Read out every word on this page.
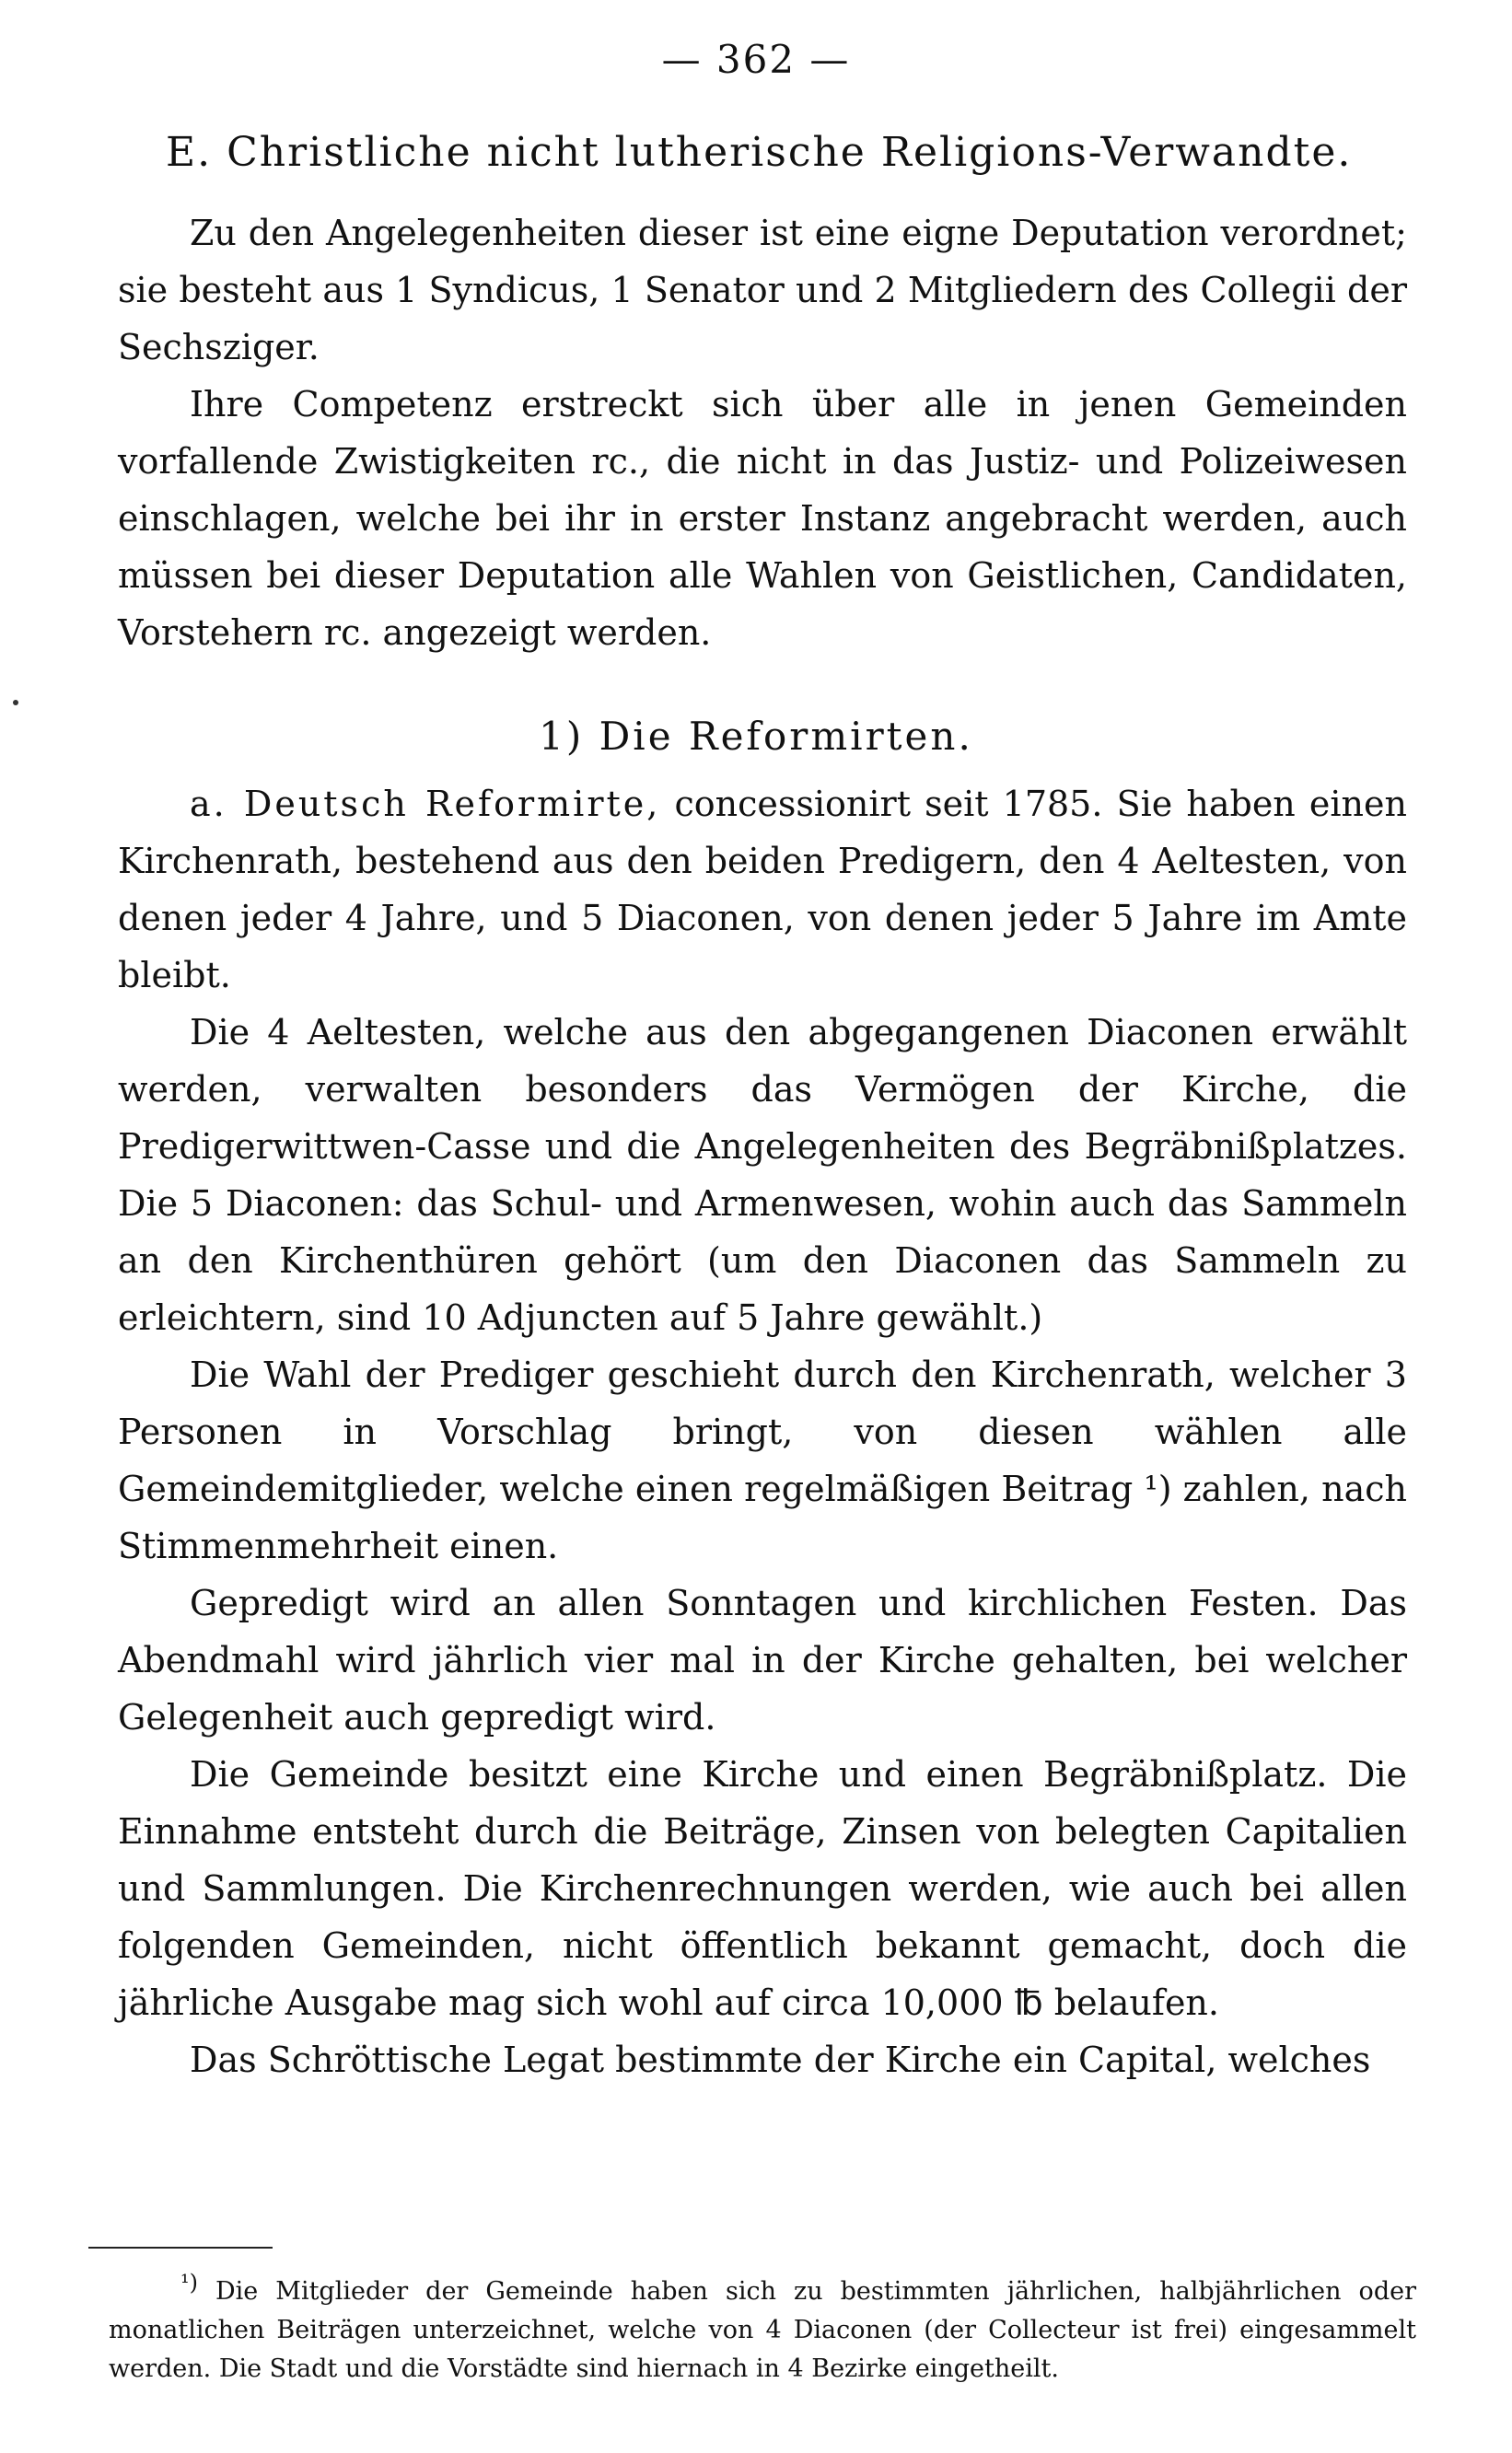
— 362 —
E. Christliche nicht lutherische Religions-Verwandte.

Zu den Angelegenheiten dieser ist eine eigne Deputation verordnet; sie besteht aus 1 Syndicus, 1 Senator und 2 Mitgliedern des Collegii der Sechsziger.

Ihre Competenz erstreckt sich über alle in jenen Gemeinden vorfallende Zwistigkeiten rc., die nicht in das Justiz- und Polizeiwesen einschlagen, welche bei ihr in erster Instanz angebracht werden, auch müssen bei dieser Deputation alle Wahlen von Geistlichen, Candidaten, Vorstehern rc. angezeigt werden.

1) Die Reformirten.

a. Deutsch Reformirte, concessionirt seit 1785. Sie haben einen Kirchenrath, bestehend aus den beiden Predigern, den 4 Aeltesten, von denen jeder 4 Jahre, und 5 Diaconen, von denen jeder 5 Jahre im Amte bleibt.

Die 4 Aeltesten, welche aus den abgegangenen Diaconen erwählt werden, verwalten besonders das Vermögen der Kirche, die Predigerwittwen-Casse und die Angelegenheiten des Begräbnißplatzes. Die 5 Diaconen: das Schul- und Armenwesen, wohin auch das Sammeln an den Kirchenthüren gehört (um den Diaconen das Sammeln zu erleichtern, sind 10 Adjuncten auf 5 Jahre gewählt.)

Die Wahl der Prediger geschieht durch den Kirchenrath, welcher 3 Personen in Vorschlag bringt, von diesen wählen alle Gemeindemitglieder, welche einen regelmäßigen Beitrag ¹) zahlen, nach Stimmenmehrheit einen.

Gepredigt wird an allen Sonntagen und kirchlichen Festen. Das Abendmahl wird jährlich vier mal in der Kirche gehalten, bei welcher Gelegenheit auch gepredigt wird.

Die Gemeinde besitzt eine Kirche und einen Begräbnißplatz. Die Einnahme entsteht durch die Beiträge, Zinsen von belegten Capitalien und Sammlungen. Die Kirchenrechnungen werden, wie auch bei allen folgenden Gemeinden, nicht öffentlich bekannt gemacht, doch die jährliche Ausgabe mag sich wohl auf circa 10,000 ℔ belaufen.

Das Schröttische Legat bestimmte der Kirche ein Capital, welches

¹) Die Mitglieder der Gemeinde haben sich zu bestimmten jährlichen, halbjährlichen oder monatlichen Beiträgen unterzeichnet, welche von 4 Diaconen (der Collecteur ist frei) eingesammelt werden. Die Stadt und die Vorstädte sind hiernach in 4 Bezirke eingetheilt.
